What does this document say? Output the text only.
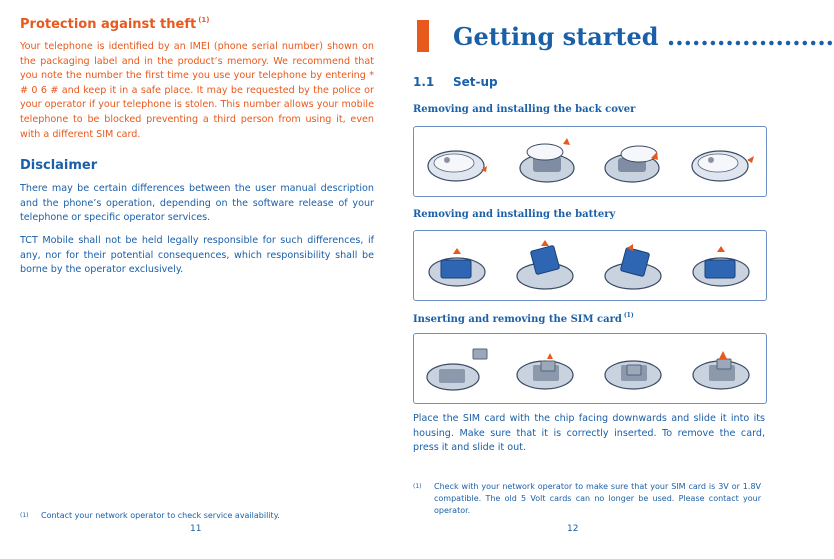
Protection against theft $^{(1)}$

Your telephone is identified by an IMEI (phone serial number) shown on the packaging label and in the product’s memory. We recommend that you note the number the first time you use your telephone by entering * # 0 6 # and keep it in a safe place. It may be requested by the police or your operator if your telephone is stolen. This number allows your mobile telephone to be blocked preventing a third person from using it, even with a different SIM card.

Disclaimer

There may be certain differences between the user manual description and the phone’s operation, depending on the software release of your telephone or specific operator services.

TCT Mobile shall not be held legally responsible for such differences, if any, nor for their potential consequences, which responsibility shall be borne by the operator exclusively.

(1) Contact your network operator to check service availability.
11
Getting started ....................
1.1 Set-up
Removing and installing the back cover
Removing and installing the battery
Inserting and removing the SIM card $^{(1)}$

Place the SIM card with the chip facing downwards and slide it into its housing. Make sure that it is correctly inserted. To remove the card, press it and slide it out.

(1) Check with your network operator to make sure that your SIM card is 3V or 1.8V compatible. The old 5 Volt cards can no longer be used. Please contact your operator.
12
